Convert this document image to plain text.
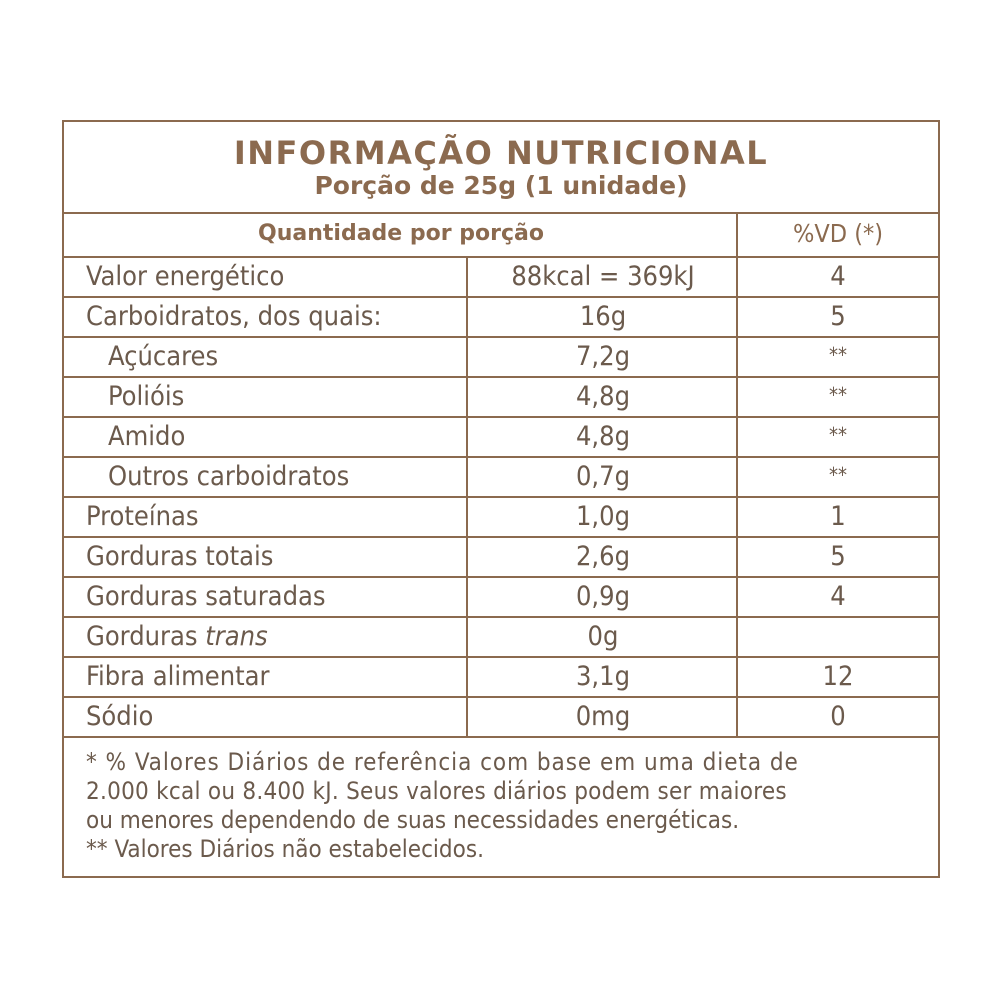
INFORMAÇÃO NUTRICIONAL
Porção de 25g (1 unidade)
Quantidade por porção	%VD (*)
Valor energético	88kcal = 369kJ	4
Carboidratos, dos quais:	16g	5
Açúcares	7,2g	**
Polióis	4,8g	**
Amido	4,8g	**
Outros carboidratos	0,7g	**
Proteínas	1,0g	1
Gorduras totais	2,6g	5
Gorduras saturadas	0,9g	4
Gorduras trans	0g
Fibra alimentar	3,1g	12
Sódio	0mg	0
* % Valores Diários de referência com base em uma dieta de
2.000 kcal ou 8.400 kJ. Seus valores diários podem ser maiores
ou menores dependendo de suas necessidades energéticas.
** Valores Diários não estabelecidos.
